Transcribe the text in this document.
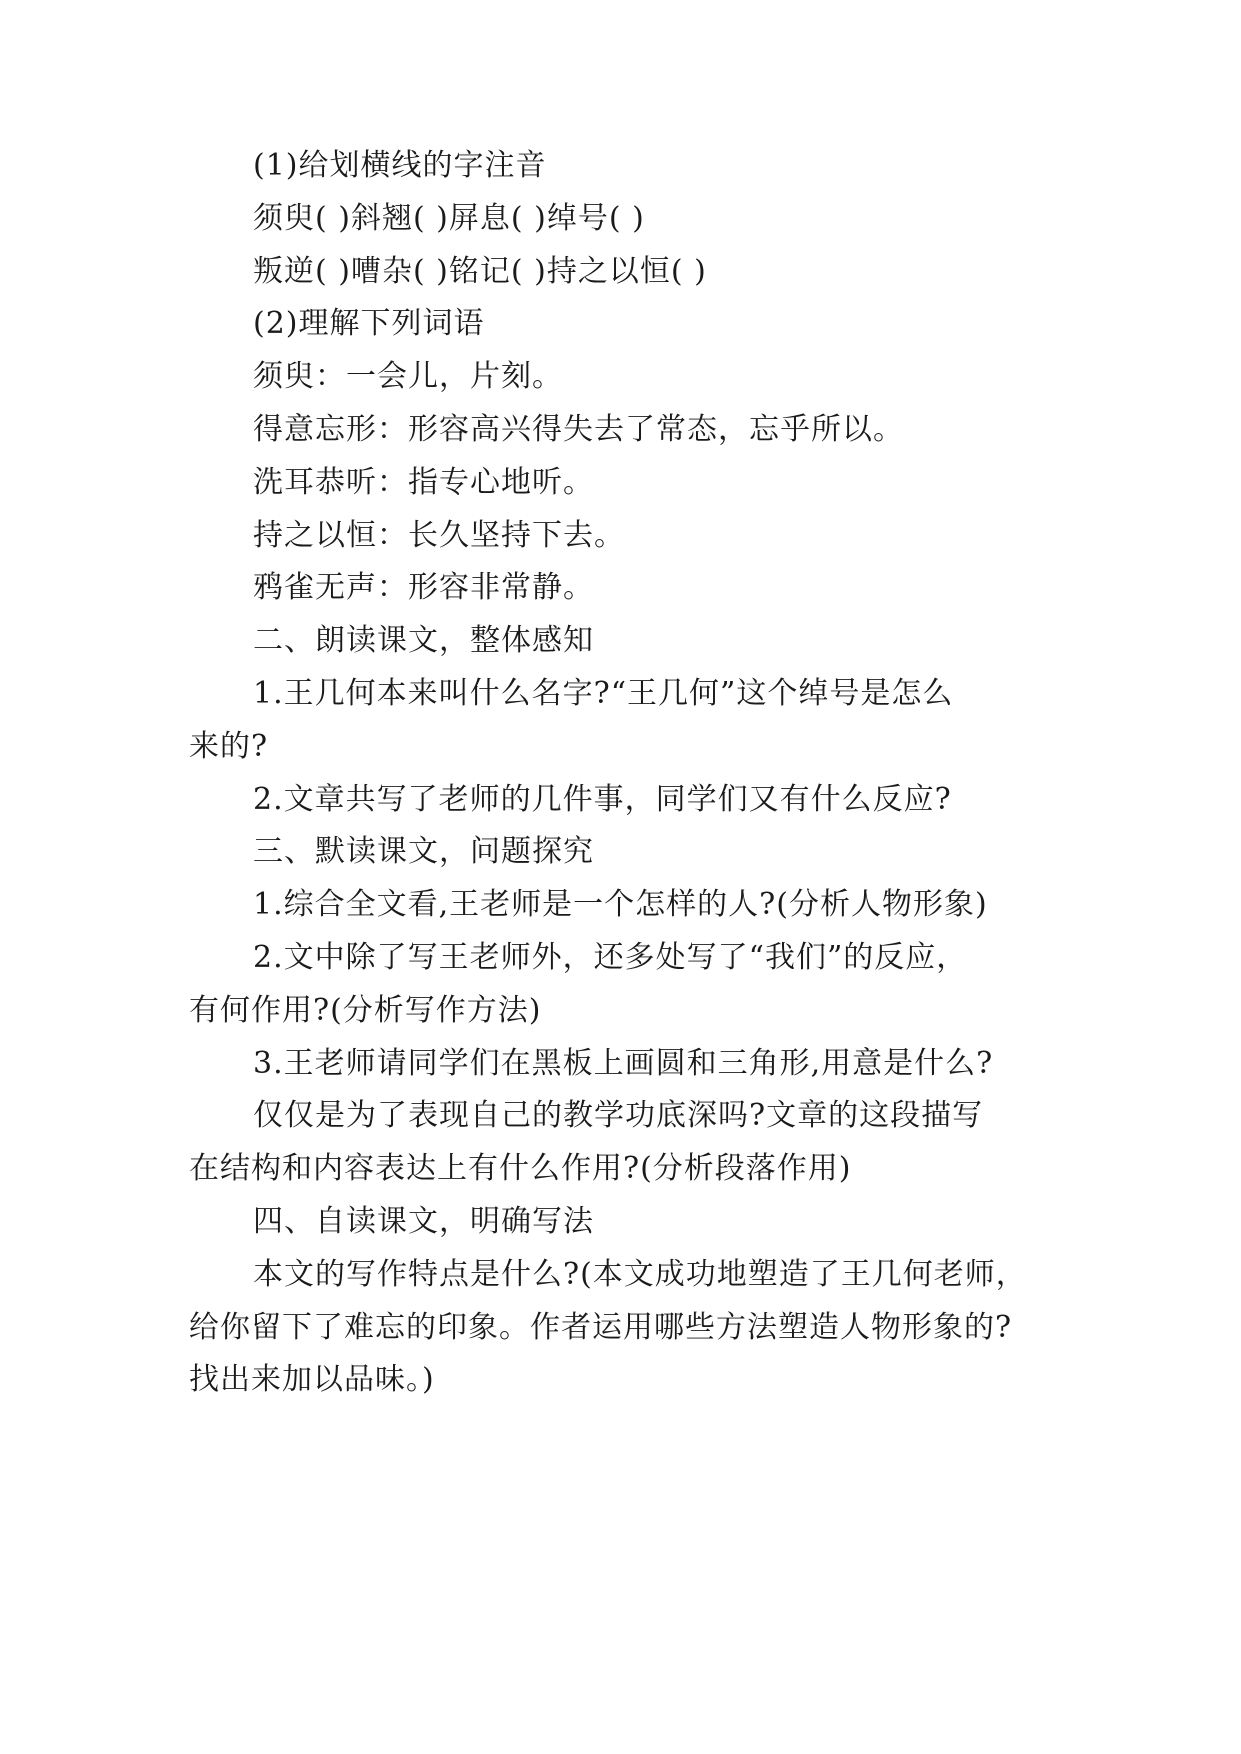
(1)给划横线的字注音
须臾( )斜翘( )屏息( )绰号( )
叛逆( )嘈杂( )铭记( )持之以恒( )
(2)理解下列词语
须臾：一会儿，片刻。
得意忘形：形容高兴得失去了常态，忘乎所以。
洗耳恭听：指专心地听。
持之以恒：长久坚持下去。
鸦雀无声：形容非常静。
二、朗读课文，整体感知
1.王几何本来叫什么名字?“王几何”这个绰号是怎么
来的?
2.文章共写了老师的几件事，同学们又有什么反应?
三、默读课文，问题探究
1.综合全文看,王老师是一个怎样的人?(分析人物形象)
2.文中除了写王老师外，还多处写了“我们”的反应，
有何作用?(分析写作方法)
3.王老师请同学们在黑板上画圆和三角形,用意是什么?
仅仅是为了表现自己的教学功底深吗?文章的这段描写
在结构和内容表达上有什么作用?(分析段落作用)
四、自读课文，明确写法
本文的写作特点是什么?(本文成功地塑造了王几何老师，
给你留下了难忘的印象。作者运用哪些方法塑造人物形象的?
找出来加以品味。)
